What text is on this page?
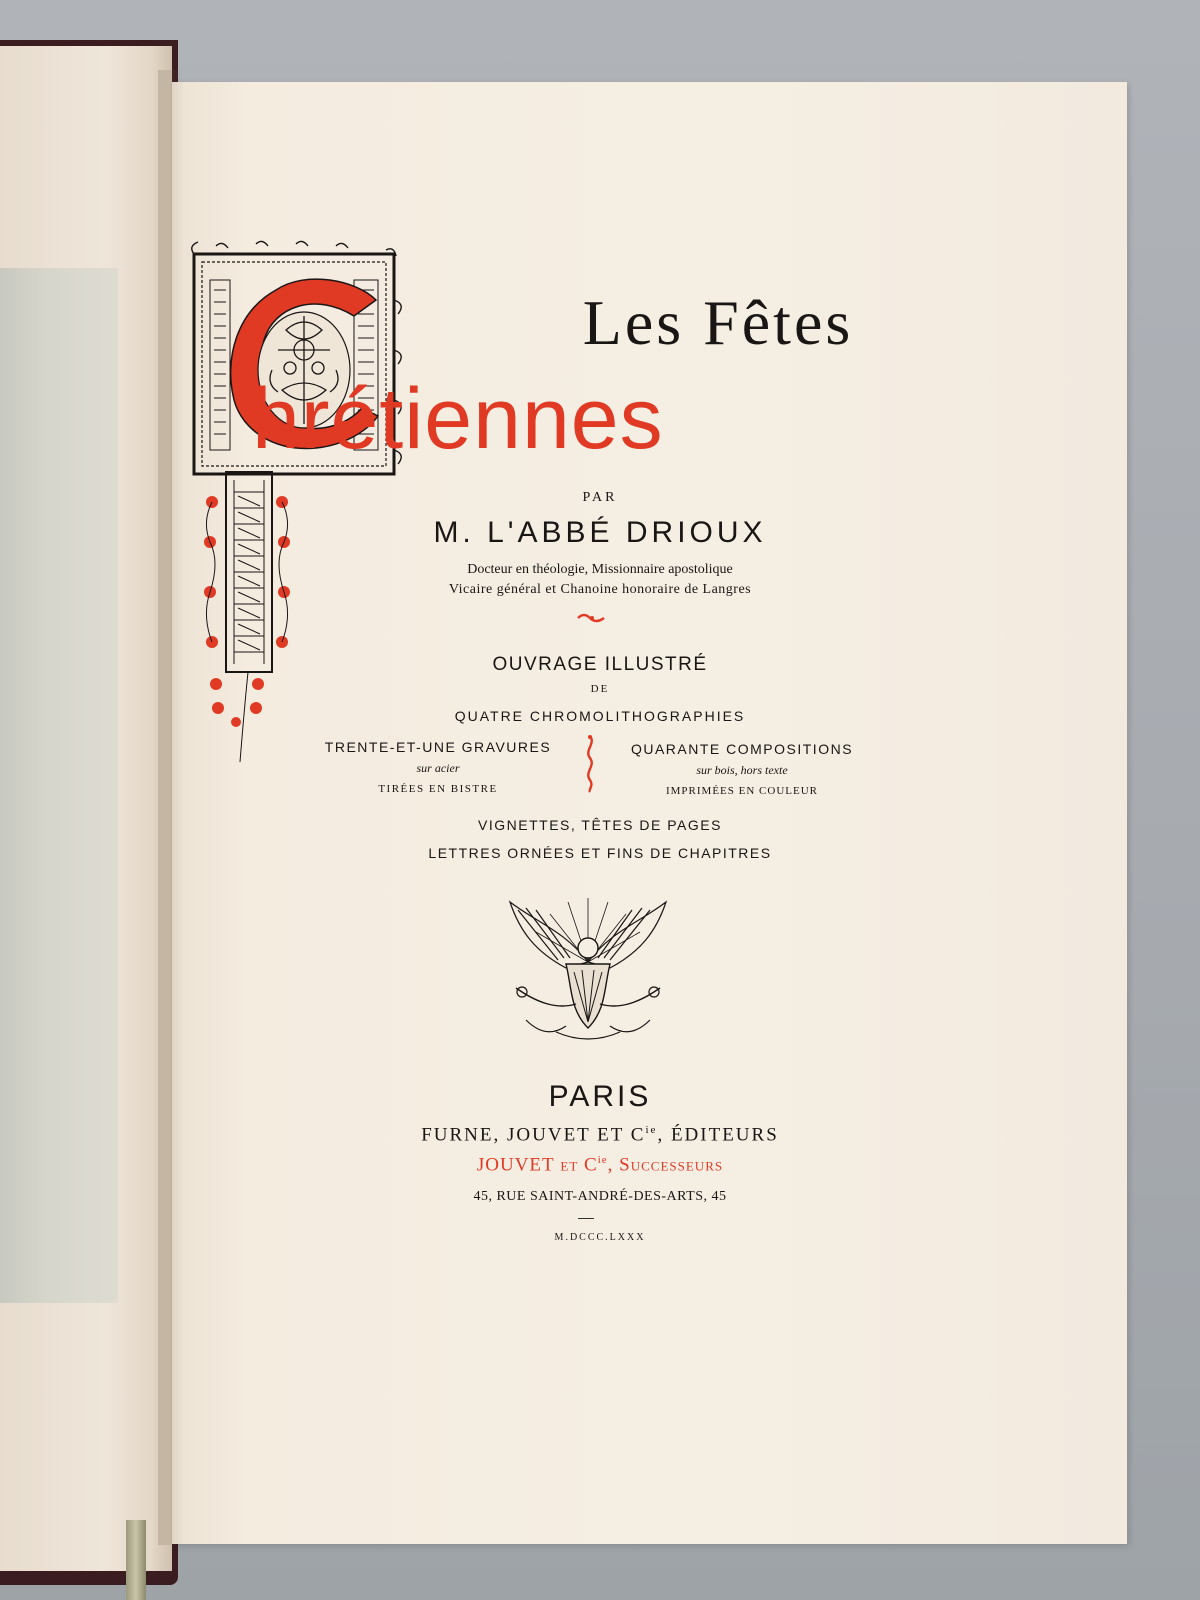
Les Fêtes
hrétiennes
PAR
M. L'ABBÉ DRIOUX
Docteur en théologie, Missionnaire apostolique
Vicaire général et Chanoine honoraire de Langres
OUVRAGE ILLUSTRÉ
DE
QUATRE CHROMOLITHOGRAPHIES
TRENTE-ET-UNE GRAVURES
sur acier
TIRÉES EN BISTRE
QUARANTE COMPOSITIONS
sur bois, hors texte
IMPRIMÉES EN COULEUR
VIGNETTES, TÊTES DE PAGES
LETTRES ORNÉES ET FINS DE CHAPITRES
PARIS
FURNE, JOUVET ET $C^{ie}$, ÉDITEURS
JOUVET et $C^{ie}$, Successeurs
45, RUE SAINT-ANDRÉ-DES-ARTS, 45
M.DCCC.LXXX
